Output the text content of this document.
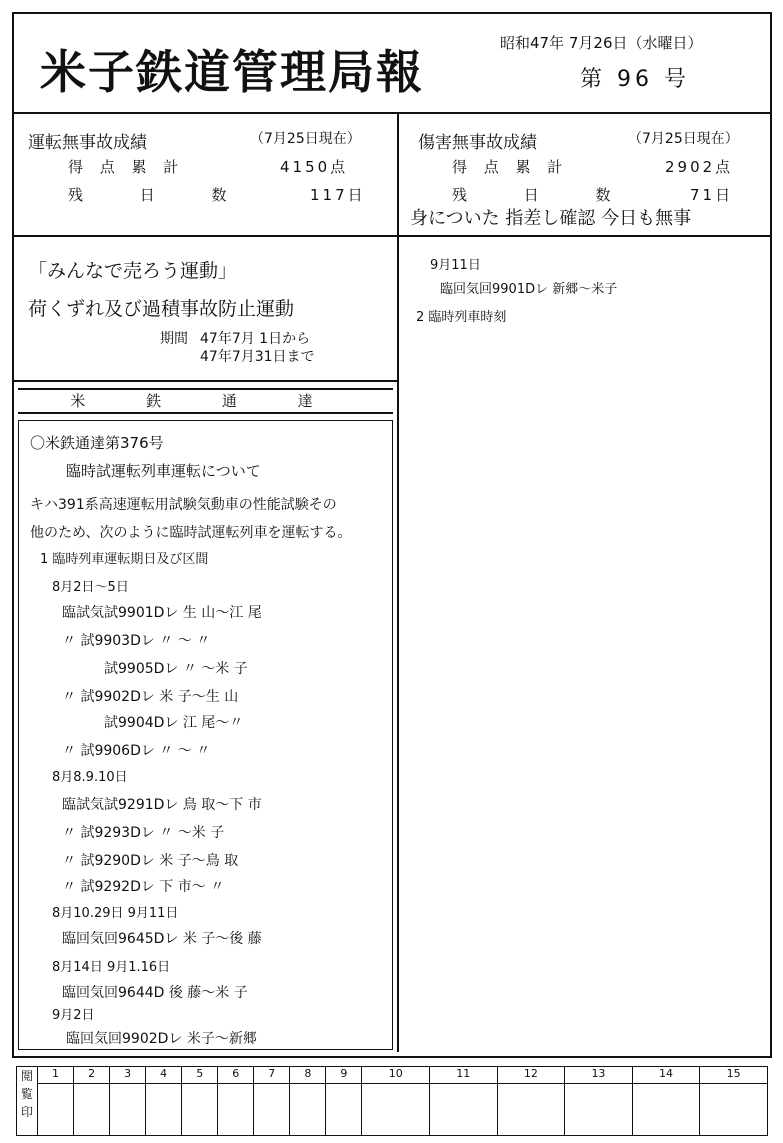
米子鉄道管理局報
昭和47年 7月26日（水曜日）
第 96 号
運転無事故成績	（7月25日現在）
得 点 累 計	4150点
残 日 数	117日
傷害無事故成績	（7月25日現在）
得 点 累 計	2902点
残 日 数	71日
身についた 指差し確認 今日も無事
「みんなで売ろう運動」
荷くずれ及び過積事故防止運動
期間 47年7月 1日から
47年7月31日まで
米 鉄 通 達
〇米鉄通達第376号
臨時試運転列車運転について
キハ391系高速運転用試験気動車の性能試験その
他のため、次のように臨時試運転列車を運転する。
1 臨時列車運転期日及び区間
8月2日～5日
臨試気試9901Dレ 生 山～江 尾
〃 試9903Dレ 〃 ～ 〃
試9905Dレ 〃 ～米 子
〃 試9902Dレ 米 子～生 山
試9904Dレ 江 尾～〃
〃 試9906Dレ 〃 ～ 〃
8月8.9.10日
臨試気試9291Dレ 鳥 取～下 市
〃 試9293Dレ 〃 ～米 子
〃 試9290Dレ 米 子～鳥 取
〃 試9292Dレ 下 市～ 〃
8月10.29日 9月11日
臨回気回9645Dレ 米 子～後 藤
8月14日 9月1.16日
臨回気回9644D 後 藤～米 子
9月2日
臨回気回9902Dレ 米子～新郷
9月11日
臨回気回9901Dレ 新郷～米子
2 臨時列車時刻
閲覧印	1	2	3	4	5	6	7	8	9	10	11	12	13	14	15
